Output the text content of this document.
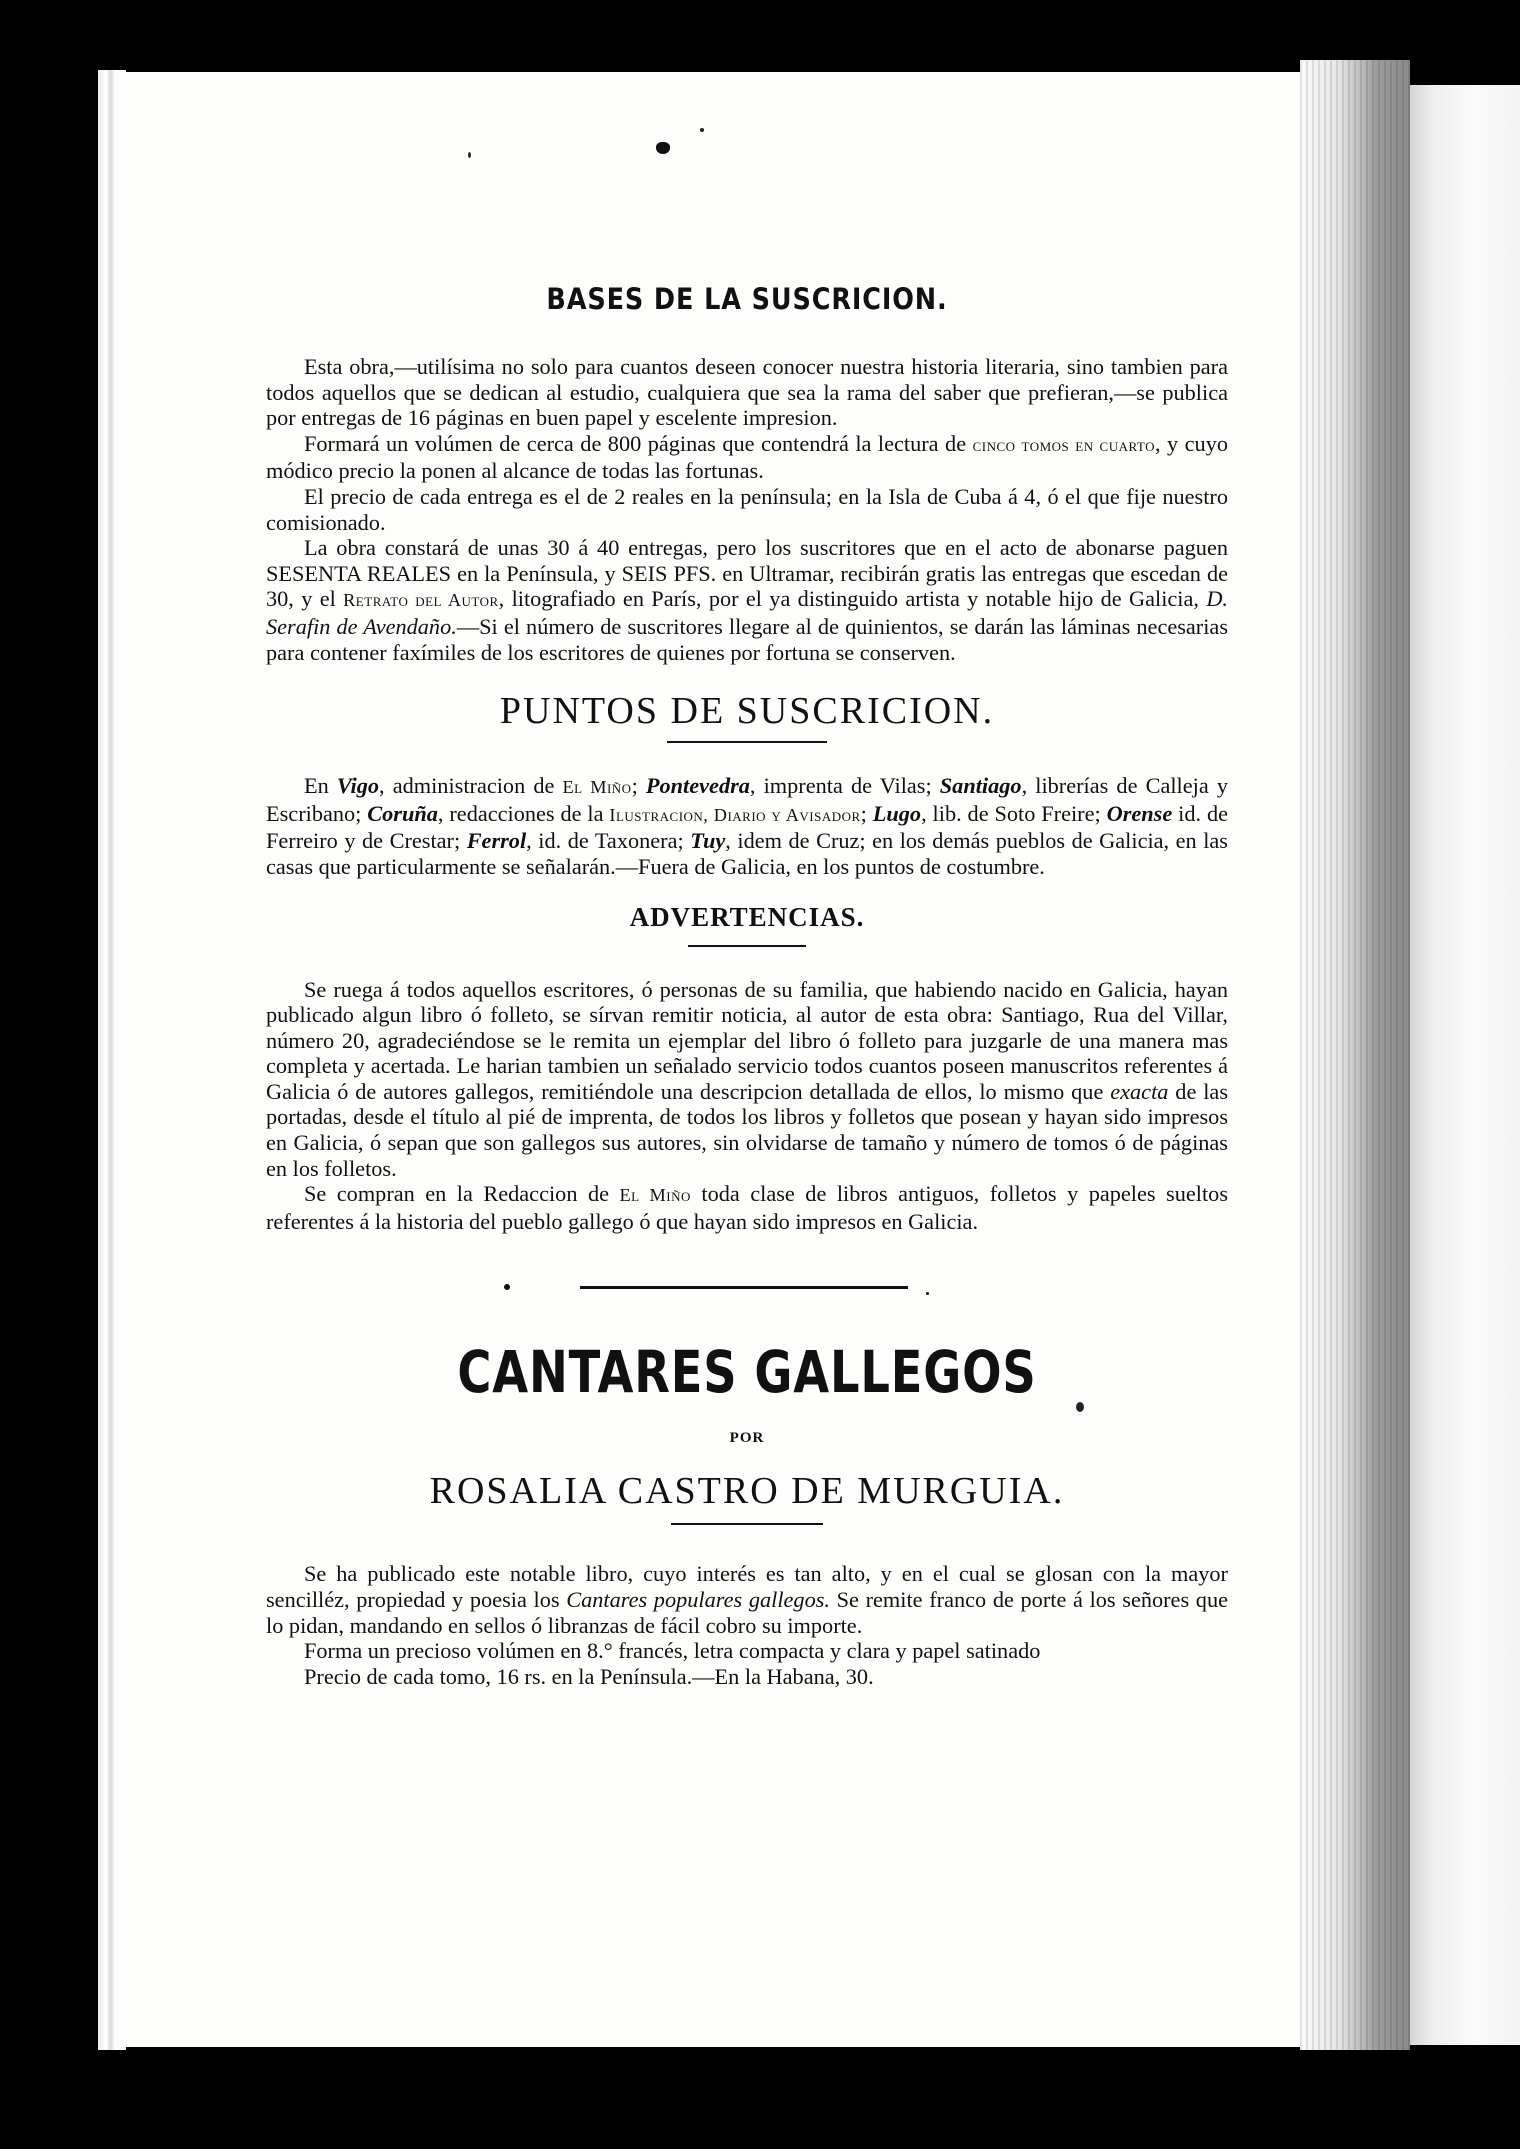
BASES DE LA SUSCRICION.

Esta obra,—utilísima no solo para cuantos deseen conocer nuestra historia literaria, sino tambien para todos aquellos que se dedican al estudio, cualquiera que sea la rama del saber que prefieran,—se publica por entregas de 16 páginas en buen papel y escelente impresion.

Formará un volúmen de cerca de 800 páginas que contendrá la lectura de cinco tomos en cuarto, y cuyo módico precio la ponen al alcance de todas las fortunas.

El precio de cada entrega es el de 2 reales en la península; en la Isla de Cuba á 4, ó el que fije nuestro comisionado.

La obra constará de unas 30 á 40 entregas, pero los suscritores que en el acto de abonarse paguen SESENTA REALES en la Península, y SEIS PFS. en Ultramar, recibirán gratis las entregas que escedan de 30, y el Retrato del Autor, litografiado en París, por el ya distinguido artista y notable hijo de Galicia, D. Serafin de Avendaño.—Si el número de suscritores llegare al de quinientos, se darán las láminas necesarias para contener faxímiles de los escritores de quienes por fortuna se conserven.

PUNTOS DE SUSCRICION.

En Vigo, administracion de El Miño; Pontevedra, imprenta de Vilas; Santiago, librerías de Calleja y Escribano; Coruña, redacciones de la Ilustracion, Diario y Avisador; Lugo, lib. de Soto Freire; Orense id. de Ferreiro y de Crestar; Ferrol, id. de Taxonera; Tuy, idem de Cruz; en los demás pueblos de Galicia, en las casas que particularmente se señalarán.—Fuera de Galicia, en los puntos de costumbre.

ADVERTENCIAS.

Se ruega á todos aquellos escritores, ó personas de su familia, que habiendo nacido en Galicia, hayan publicado algun libro ó folleto, se sírvan remitir noticia, al autor de esta obra: Santiago, Rua del Villar, número 20, agradeciéndose se le remita un ejemplar del libro ó folleto para juzgarle de una manera mas completa y acertada. Le harian tambien un señalado servicio todos cuantos poseen manuscritos referentes á Galicia ó de autores gallegos, remitiéndole una descripcion detallada de ellos, lo mismo que exacta de las portadas, desde el título al pié de imprenta, de todos los libros y folletos que posean y hayan sido impresos en Galicia, ó sepan que son gallegos sus autores, sin olvidarse de tamaño y número de tomos ó de páginas en los folletos.

Se compran en la Redaccion de El Miño toda clase de libros antiguos, folletos y papeles sueltos referentes á la historia del pueblo gallego ó que hayan sido impresos en Galicia.

CANTARES GALLEGOS
POR
ROSALIA CASTRO DE MURGUIA.

Se ha publicado este notable libro, cuyo interés es tan alto, y en el cual se glosan con la mayor sencilléz, propiedad y poesia los Cantares populares gallegos. Se remite franco de porte á los señores que lo pidan, mandando en sellos ó libranzas de fácil cobro su importe.

Forma un precioso volúmen en 8.° francés, letra compacta y clara y papel satinado

Precio de cada tomo, 16 rs. en la Península.—En la Habana, 30.
